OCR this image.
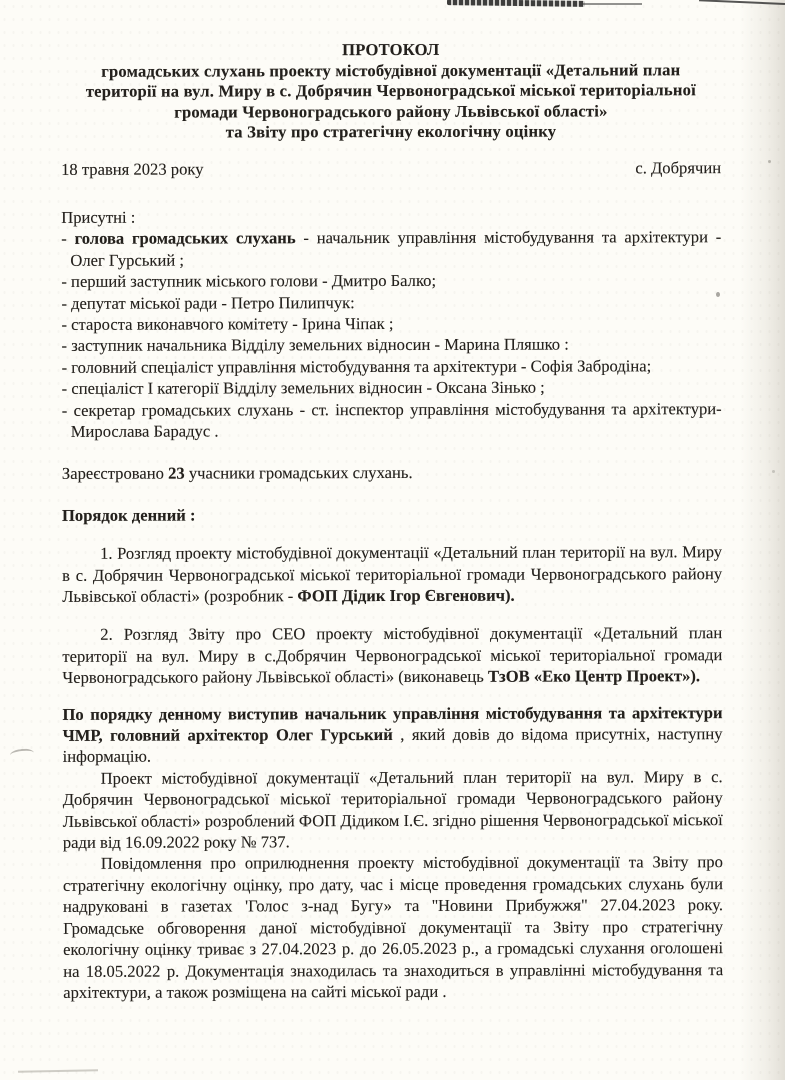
ПРОТОКОЛ

громадських слухань проекту містобудівної документації «Детальний план

території на вул. Миру в с. Добрячин Червоноградської міської територіальної

громади Червоноградського району Львівської області»

та Звіту про стратегічну екологічну оцінку

18 травня 2023 року	с. Добрячин
Присутні :

- голова громадських слухань - начальник управління містобудування та архітектури - Олег Гурський ;

- перший заступник міського голови - Дмитро Балко;

- депутат міської ради - Петро Пилипчук:

- староста виконавчого комітету - Ірина Чіпак ;

- заступник начальника Відділу земельних відносин - Марина Пляшко :

- головний спеціаліст управління містобудування та архітектури - Софія Забродіна;

- спеціаліст І категорії Відділу земельних відносин - Оксана Зінько ;

- секретар громадських слухань - ст. інспектор управління містобудування та архітектури- Мирослава Барадус .

Зареєстровано 23 учасники громадських слухань.
Порядок денний :

1. Розгляд проекту містобудівної документації «Детальний план території на вул. Миру в с. Добрячин Червоноградської міської територіальної громади Червоноградського району Львівської області» (розробник - ФОП Дідик Ігор Євгенович).

2. Розгляд Звіту про СЕО проекту містобудівної документації «Детальний план території на вул. Миру в с.Добрячин Червоноградської міської територіальної громади Червоноградського району Львівської області» (виконавець ТзОВ «Еко Центр Проект»).

По порядку денному виступив начальник управління містобудування та архітектури ЧМР, головний архітектор Олег Гурський , який довів до відома присутніх, наступну інформацію.

Проект містобудівної документації «Детальний план території на вул. Миру в с. Добрячин Червоноградської міської територіальної громади Червоноградського району Львівської області» розроблений ФОП Дідиком І.Є. згідно рішення Червоноградської міської ради від 16.09.2022 року № 737.

Повідомлення про оприлюднення проекту містобудівної документації та Звіту про стратегічну екологічну оцінку, про дату, час і місце проведення громадських слухань були надруковані в газетах 'Голос з-над Бугу» та ''Новини Прибужжя" 27.04.2023 року. Громадське обговорення даної містобудівної документації та Звіту про стратегічну екологічну оцінку триває з 27.04.2023 р. до 26.05.2023 р., а громадські слухання оголошені на 18.05.2022 р. Документація знаходилась та знаходиться в управлінні містобудування та архітектури, а також розміщена на сайті міської ради .
